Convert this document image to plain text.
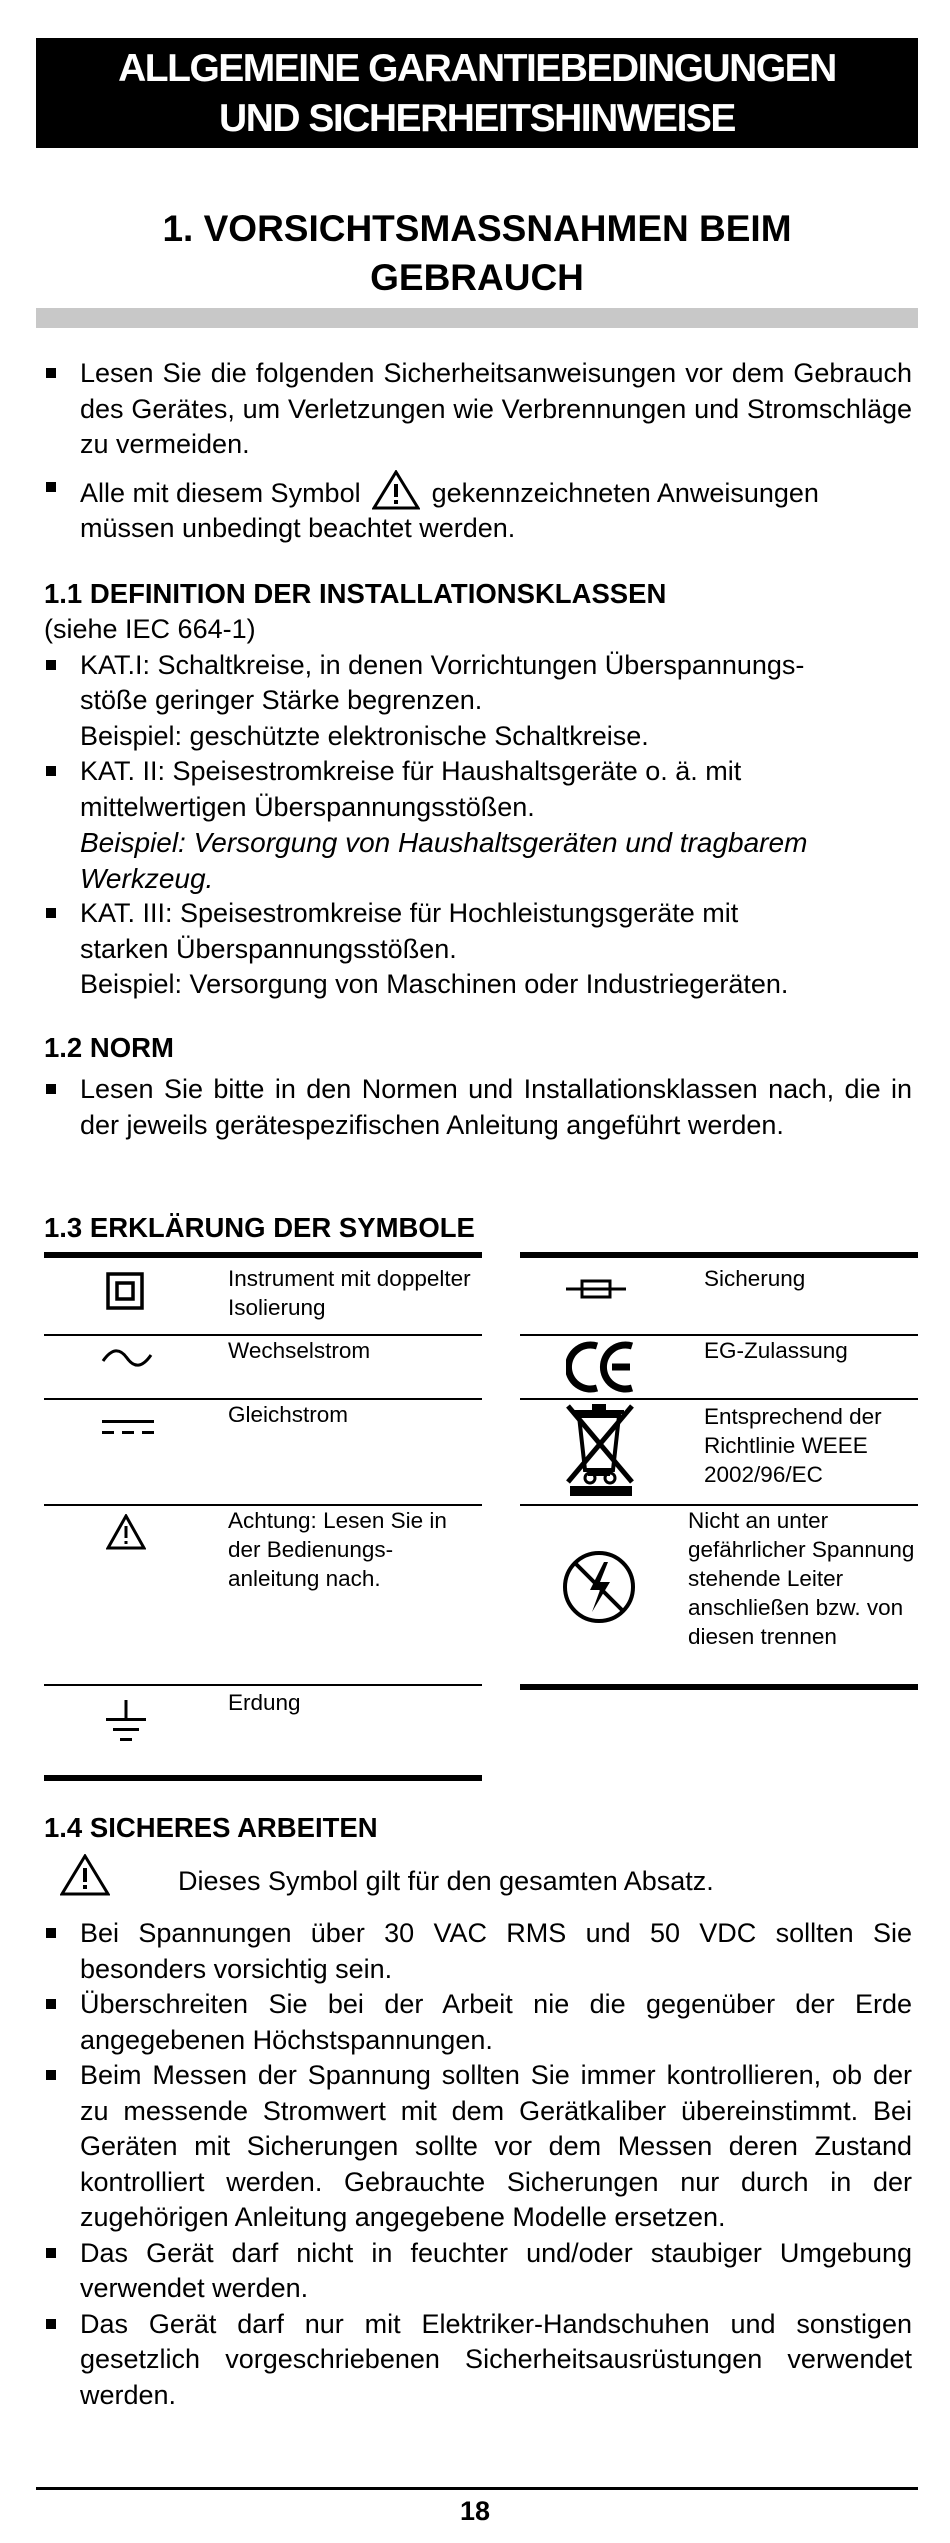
ALLGEMEINE GARANTIEBEDINGUNGEN
UND SICHERHEITSHINWEISE
1. VORSICHTSMASSNAHMEN BEIM
GEBRAUCH
Lesen Sie die folgenden Sicherheitsanweisungen vor dem Gebrauch des Gerätes, um Verletzungen wie Verbrennungen und Stromschläge zu vermeiden.
Alle mit diesem Symbol	gekennzeichneten Anweisungen müssen unbedingt beachtet werden.
1.1 DEFINITION DER INSTALLATIONSKLASSEN
(siehe IEC 664-1)
KAT.I: Schaltkreise, in denen Vorrichtungen Überspannungs-
stöße geringer Stärke begrenzen.
Beispiel: geschützte elektronische Schaltkreise.
KAT. II: Speisestromkreise für Haushaltsgeräte o. ä. mit
mittelwertigen Überspannungsstößen.
Beispiel: Versorgung von Haushaltsgeräten und tragbarem Werkzeug.
KAT. III: Speisestromkreise für Hochleistungsgeräte mit
starken Überspannungsstößen.
Beispiel: Versorgung von Maschinen oder Industriegeräten.
1.2 NORM
Lesen Sie bitte in den Normen und Installationsklassen nach, die in der jeweils gerätespezifischen Anleitung angeführt werden.
1.3 ERKLÄRUNG DER SYMBOLE
Instrument mit doppelter Isolierung
Wechselstrom
Gleichstrom
Achtung: Lesen Sie in der Bedienungs-anleitung nach.
Erdung
Sicherung
EG-Zulassung
Entsprechend der Richtlinie WEEE 2002/96/EC
Nicht an unter gefährlicher Spannung stehende Leiter anschließen bzw. von diesen trennen
1.4 SICHERES ARBEITEN
Dieses Symbol gilt für den gesamten Absatz.
Bei Spannungen über 30 VAC RMS und 50 VDC sollten Sie besonders vorsichtig sein.
Überschreiten Sie bei der Arbeit nie die gegenüber der Erde angegebenen Höchstspannungen.
Beim Messen der Spannung sollten Sie immer kontrollieren, ob der zu messende Stromwert mit dem Gerätkaliber übereinstimmt. Bei Geräten mit Sicherungen sollte vor dem Messen deren Zustand kontrolliert werden. Gebrauchte Sicherungen nur durch in der zugehörigen Anleitung angegebene Modelle ersetzen.
Das Gerät darf nicht in feuchter und/oder staubiger Umgebung verwendet werden.
Das Gerät darf nur mit Elektriker-Handschuhen und sonstigen gesetzlich vorgeschriebenen Sicherheitsausrüstungen verwendet werden.
18
